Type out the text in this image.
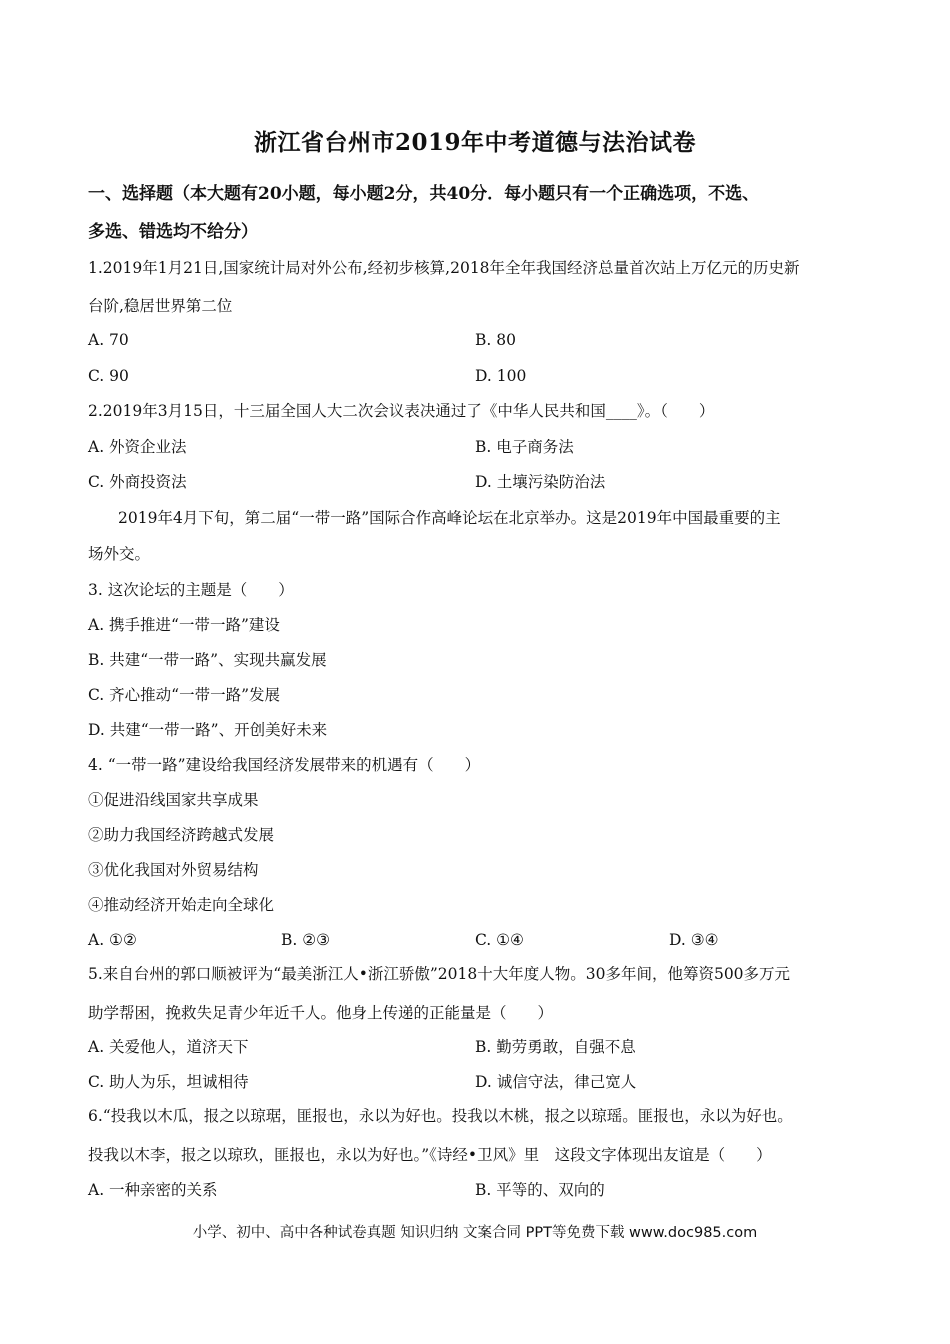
浙江省台州市2019年中考道德与法治试卷
一、选择题（本大题有20小题，每小题2分，共40分．每小题只有一个正确选项，不选、
多选、错选均不给分）
1.2019年1月21日,国家统计局对外公布,经初步核算,2018年全年我国经济总量首次站上万亿元的历史新
台阶,稳居世界第二位
A. 70	B. 80
C. 90	D. 100
2.2019年3月15日，十三届全国人大二次会议表决通过了《中华人民共和国____》。（　　）
A. 外资企业法	B. 电子商务法
C. 外商投资法	D. 土壤污染防治法
2019年4月下旬，第二届“一带一路”国际合作高峰论坛在北京举办。这是2019年中国最重要的主
场外交。
3. 这次论坛的主题是（　　）
A. 携手推进“一带一路”建设
B. 共建“一带一路”、实现共赢发展
C. 齐心推动“一带一路”发展
D. 共建“一带一路”、开创美好未来
4. “一带一路”建设给我国经济发展带来的机遇有（　　）
①促进沿线国家共享成果
②助力我国经济跨越式发展
③优化我国对外贸易结构
④推动经济开始走向全球化
A. ①②	B. ②③	C. ①④	D. ③④
5.来自台州的郭口顺被评为“最美浙江人•浙江骄傲”2018十大年度人物。30多年间，他筹资500多万元
助学帮困，挽救失足青少年近千人。他身上传递的正能量是（　　）
A. 关爱他人，道济天下	B. 勤劳勇敢，自强不息
C. 助人为乐，坦诚相待	D. 诚信守法，律己宽人
6.“投我以木瓜，报之以琼琚，匪报也，永以为好也。投我以木桃，报之以琼瑶。匪报也，永以为好也。
投我以木李，报之以琼玖，匪报也，永以为好也。”《诗经•卫风》里　这段文字体现出友谊是（　　）
A. 一种亲密的关系	B. 平等的、双向的
小学、初中、高中各种试卷真题 知识归纳 文案合同 PPT等免费下载 www.doc985.com
